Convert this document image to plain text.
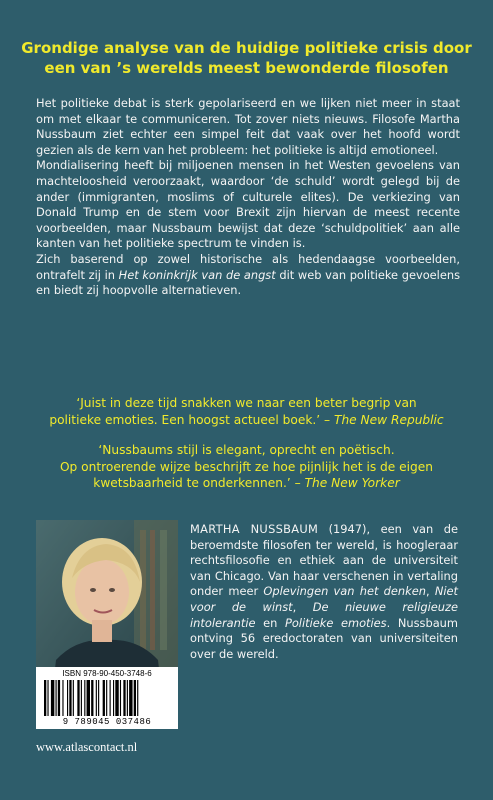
Grondige analyse van de huidige politieke crisis door
een van ’s werelds meest bewonderde filosofen

Het politieke debat is sterk gepolariseerd en we lijken niet meer in staat om met elkaar te communiceren. Tot zover niets nieuws. Filosofe Martha Nussbaum ziet echter een simpel feit dat vaak over het hoofd wordt gezien als de kern van het probleem: het politieke is altijd emotioneel.

Mondialisering heeft bij miljoenen mensen in het Westen gevoelens van machteloosheid veroorzaakt, waardoor ‘de schuld’ wordt gelegd bij de ander (immigranten, moslims of culturele elites). De verkiezing van Donald Trump en de stem voor Brexit zijn hiervan de meest recente voorbeelden, maar Nussbaum bewijst dat deze ‘schuldpolitiek’ aan alle kanten van het politieke spectrum te vinden is.

Zich baserend op zowel historische als hedendaagse voorbeelden, ontrafelt zij in Het koninkrijk van de angst dit web van politieke gevoelens en biedt zij hoopvolle alternatieven.

‘Juist in deze tijd snakken we naar een beter begrip van
politieke emoties. Een hoogst actueel boek.’ – The New Republic

‘Nussbaums stijl is elegant, oprecht en poëtisch.
Op ontroerende wijze beschrijft ze hoe pijnlijk het is de eigen
kwetsbaarheid te onderkennen.’ – The New Yorker

ISBN 978-90-450-3748-6
9 789045 037486

MARTHA NUSSBAUM (1947), een van de beroemdste filosofen ter wereld, is hoogleraar rechtsfilosofie en ethiek aan de universiteit van Chicago. Van haar verschenen in vertaling onder meer Oplevingen van het denken, Niet voor de winst, De nieuwe religieuze intolerantie en Politieke emoties. Nussbaum ontving 56 eredoctoraten van universiteiten over de wereld.

www.atlascontact.nl
